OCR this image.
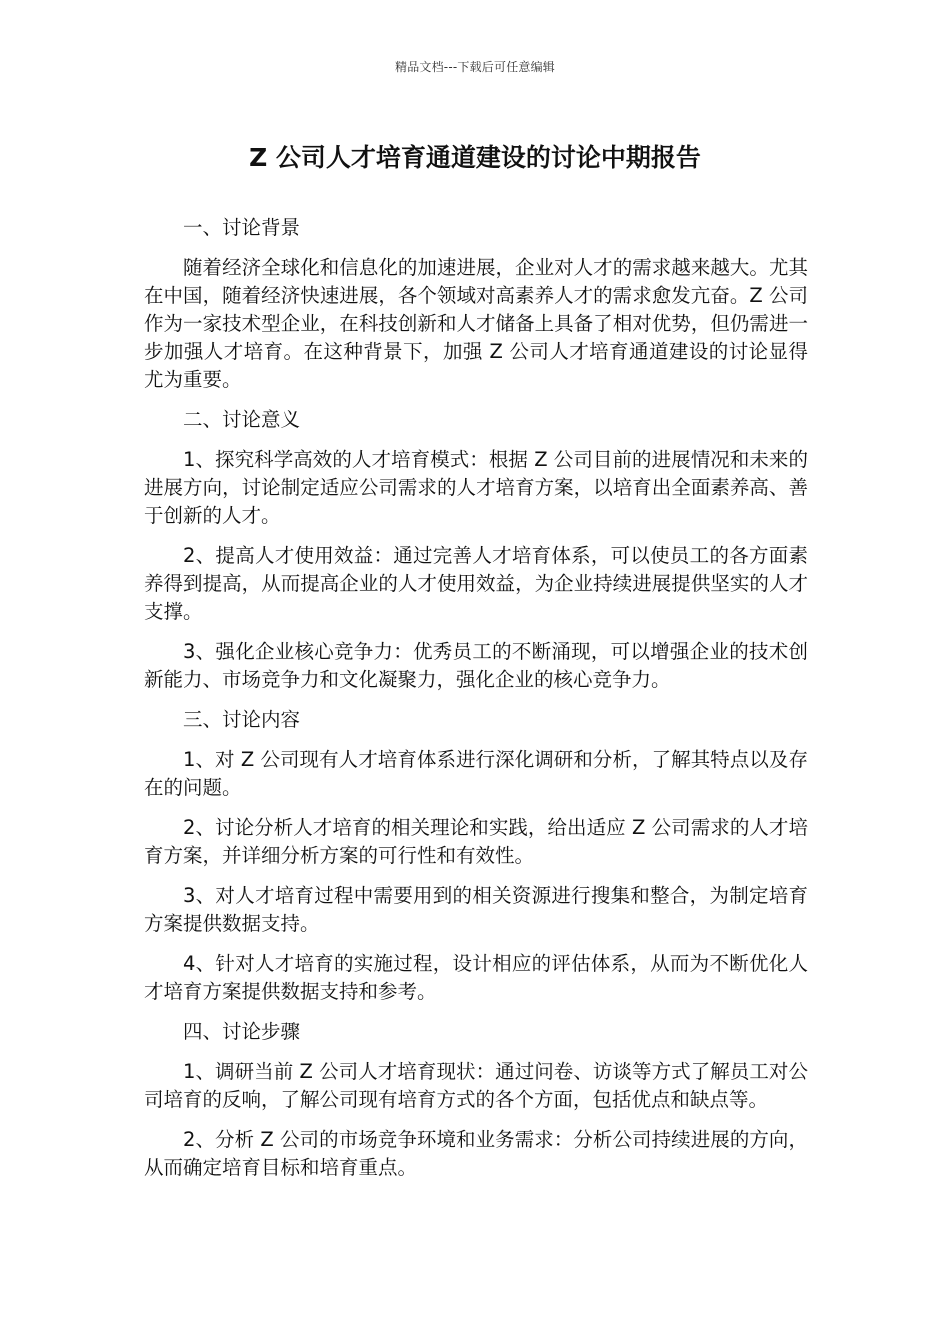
精品文档---下载后可任意编辑
Z 公司人才培育通道建设的讨论中期报告

一、讨论背景

随着经济全球化和信息化的加速进展，企业对人才的需求越来越大。尤其在中国，随着经济快速进展，各个领域对高素养人才的需求愈发亢奋。Z 公司作为一家技术型企业，在科技创新和人才储备上具备了相对优势，但仍需进一步加强人才培育。在这种背景下，加强 Z 公司人才培育通道建设的讨论显得尤为重要。

二、讨论意义

1、探究科学高效的人才培育模式：根据 Z 公司目前的进展情况和未来的进展方向，讨论制定适应公司需求的人才培育方案，以培育出全面素养高、善于创新的人才。

2、提高人才使用效益：通过完善人才培育体系，可以使员工的各方面素养得到提高，从而提高企业的人才使用效益，为企业持续进展提供坚实的人才支撑。

3、强化企业核心竞争力：优秀员工的不断涌现，可以增强企业的技术创新能力、市场竞争力和文化凝聚力，强化企业的核心竞争力。

三、讨论内容

1、对 Z 公司现有人才培育体系进行深化调研和分析，了解其特点以及存在的问题。

2、讨论分析人才培育的相关理论和实践，给出适应 Z 公司需求的人才培育方案，并详细分析方案的可行性和有效性。

3、对人才培育过程中需要用到的相关资源进行搜集和整合，为制定培育方案提供数据支持。

4、针对人才培育的实施过程，设计相应的评估体系，从而为不断优化人才培育方案提供数据支持和参考。

四、讨论步骤

1、调研当前 Z 公司人才培育现状：通过问卷、访谈等方式了解员工对公司培育的反响，了解公司现有培育方式的各个方面，包括优点和缺点等。

2、分析 Z 公司的市场竞争环境和业务需求：分析公司持续进展的方向，从而确定培育目标和培育重点。
